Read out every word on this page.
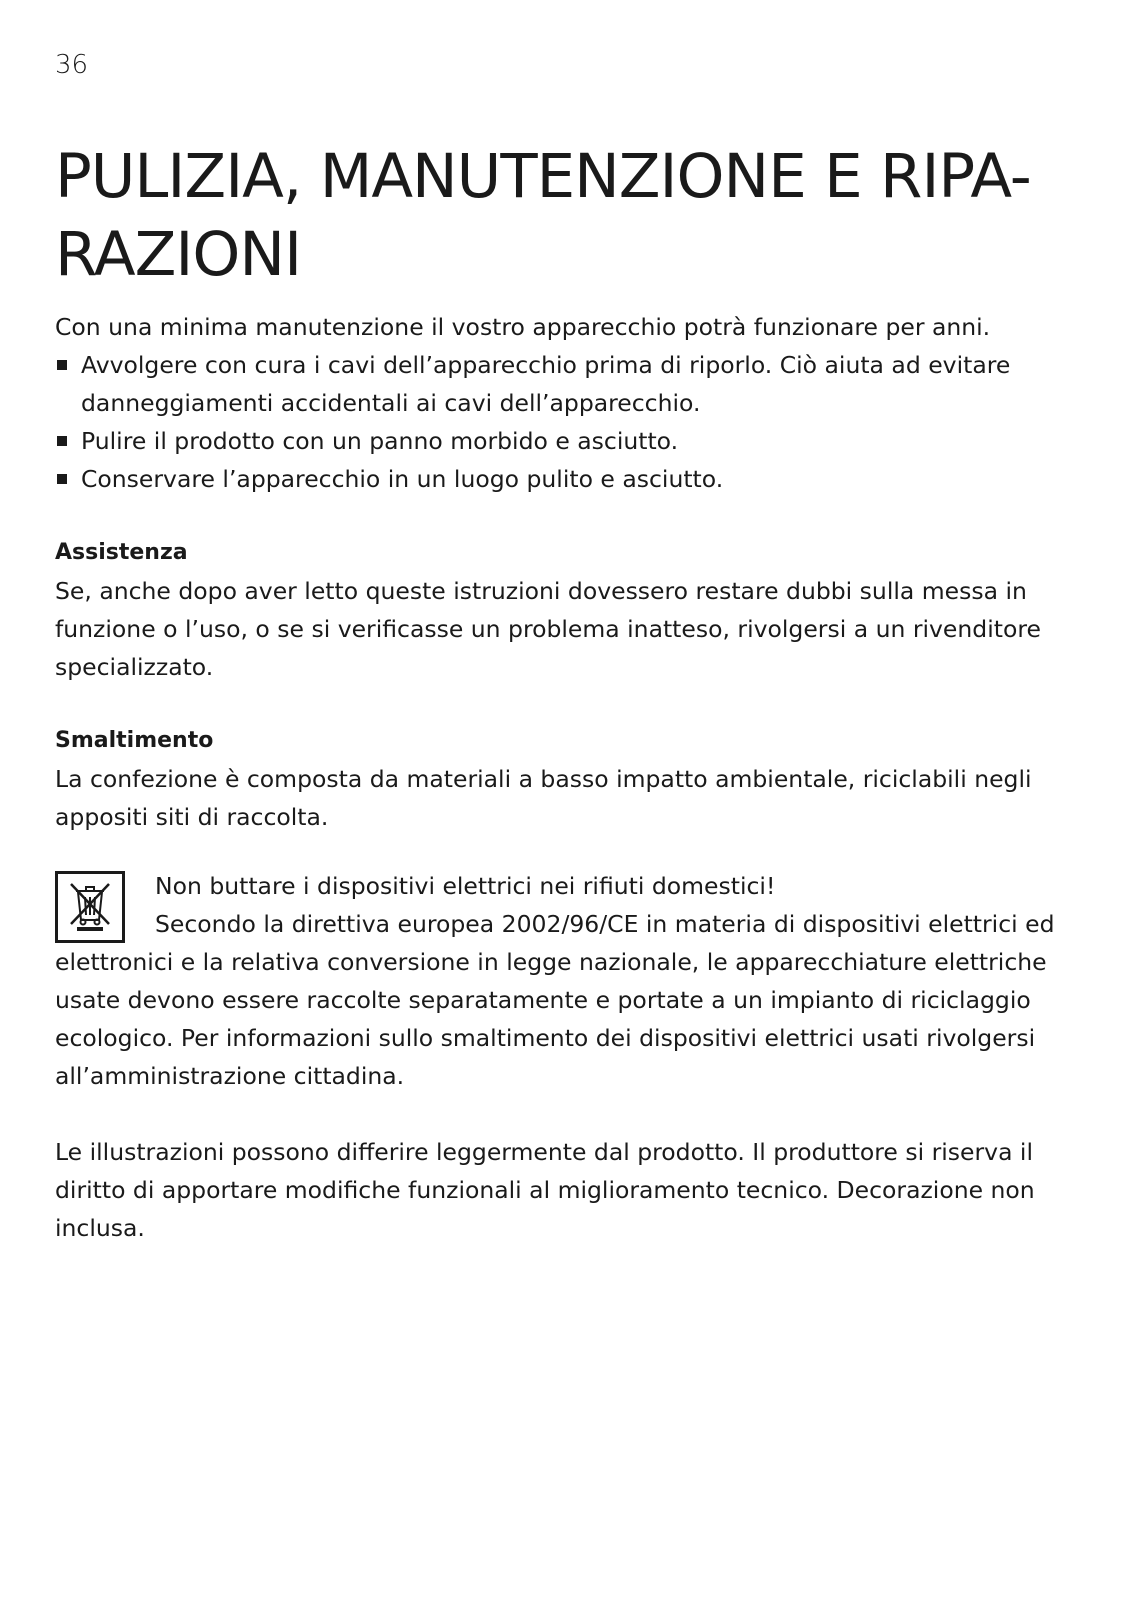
36
PULIZIA, MANUTENZIONE E RIPA-RAZIONI

Con una minima manutenzione il vostro apparecchio potrà funzionare per anni.

Avvolgere con cura i cavi dell’apparecchio prima di riporlo. Ciò aiuta ad evitare danneggiamenti accidentali ai cavi dell’apparecchio.
Pulire il prodotto con un panno morbido e asciutto.
Conservare l’apparecchio in un luogo pulito e asciutto.

Assistenza

Se, anche dopo aver letto queste istruzioni dovessero restare dubbi sulla messa in funzione o l’uso, o se si verificasse un problema inatteso, rivolgersi a un rivenditore specializzato.

Smaltimento

La confezione è composta da materiali a basso impatto ambientale, riciclabili negli appositi siti di raccolta.

Non buttare i dispositivi elettrici nei rifiuti domestici!

Secondo la direttiva europea 2002/96/CE in materia di dispositivi elettrici ed elettronici e la relativa conversione in legge nazionale, le apparecchiature elettriche usate devono essere raccolte separatamente e portate a un impianto di riciclaggio ecologico. Per informazioni sullo smaltimento dei dispositivi elettrici usati rivolgersi all’amministrazione cittadina.

Le illustrazioni possono differire leggermente dal prodotto. Il produttore si riserva il diritto di apportare modifiche funzionali al miglioramento tecnico. Decorazione non inclusa.
